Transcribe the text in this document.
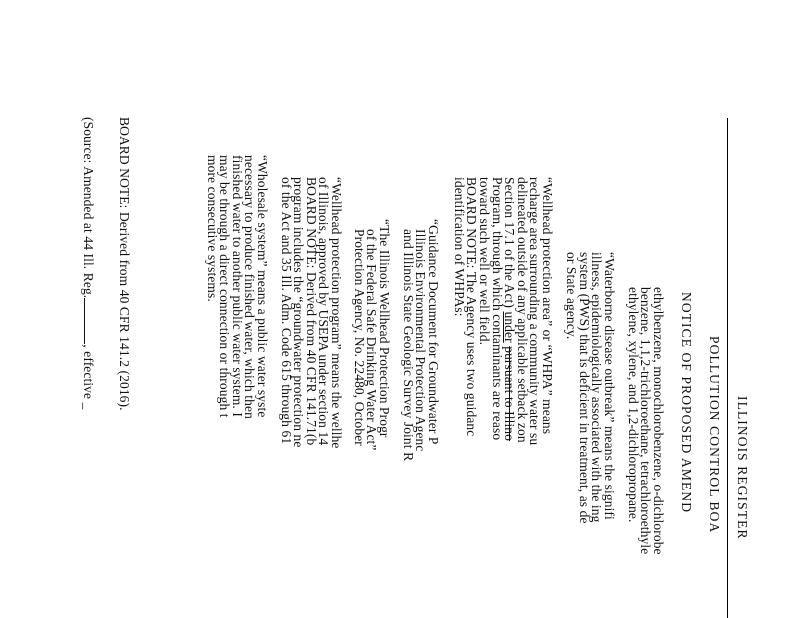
ILLINOIS REGISTER
POLLUTION CONTROL BOA
NOTICE OF PROPOSED AMEND
ethylbenzene, monochlorobenzene, o-dichlorobe
benzene, 1,1,2-trichloroethane, tetrachloroethyle
ethylene, xylene, and 1,2-dichloropropane.
“Waterborne disease outbreak” means the signifi
illness, epidemiologically associated with the ing
system (PWS) that is deficient in treatment, as de
or State agency.
“Wellhead protection area” or “WHPA” means
recharge area surrounding a community water su
delineated outside of any applicable setback zon
Section 17.1 of the Act) under pursuant to Illino
Program, through which contaminants are reaso
toward such well or well field.
BOARD NOTE: The Agency uses two guidanc
identification of WHPAs:
“Guidance Document for Groundwater P
Illinois Environmental Protection Agenc
and Illinois State Geologic Survey Joint R
“The Illinois Wellhead Protection Progr
of the Federal Safe Drinking Water Act”
Protection Agency, No. 22480, October
“Wellhead protection program” means the wellhe
of Illinois, approved by USEPA under section 14
BOARD NOTE: Derived from 40 CFR 141.71(b
program includes the “groundwater protection ne
of the Act and 35 Ill. Adm. Code 615 through 61
“Wholesale system” means a public water syste
necessary to produce finished water, which then
finished water to another public water system. I
may be through a direct connection or through t
more consecutive systems.
BOARD NOTE: Derived from 40 CFR 141.2 (2016).
(Source: Amended at 44 Ill. Reg., effective _
